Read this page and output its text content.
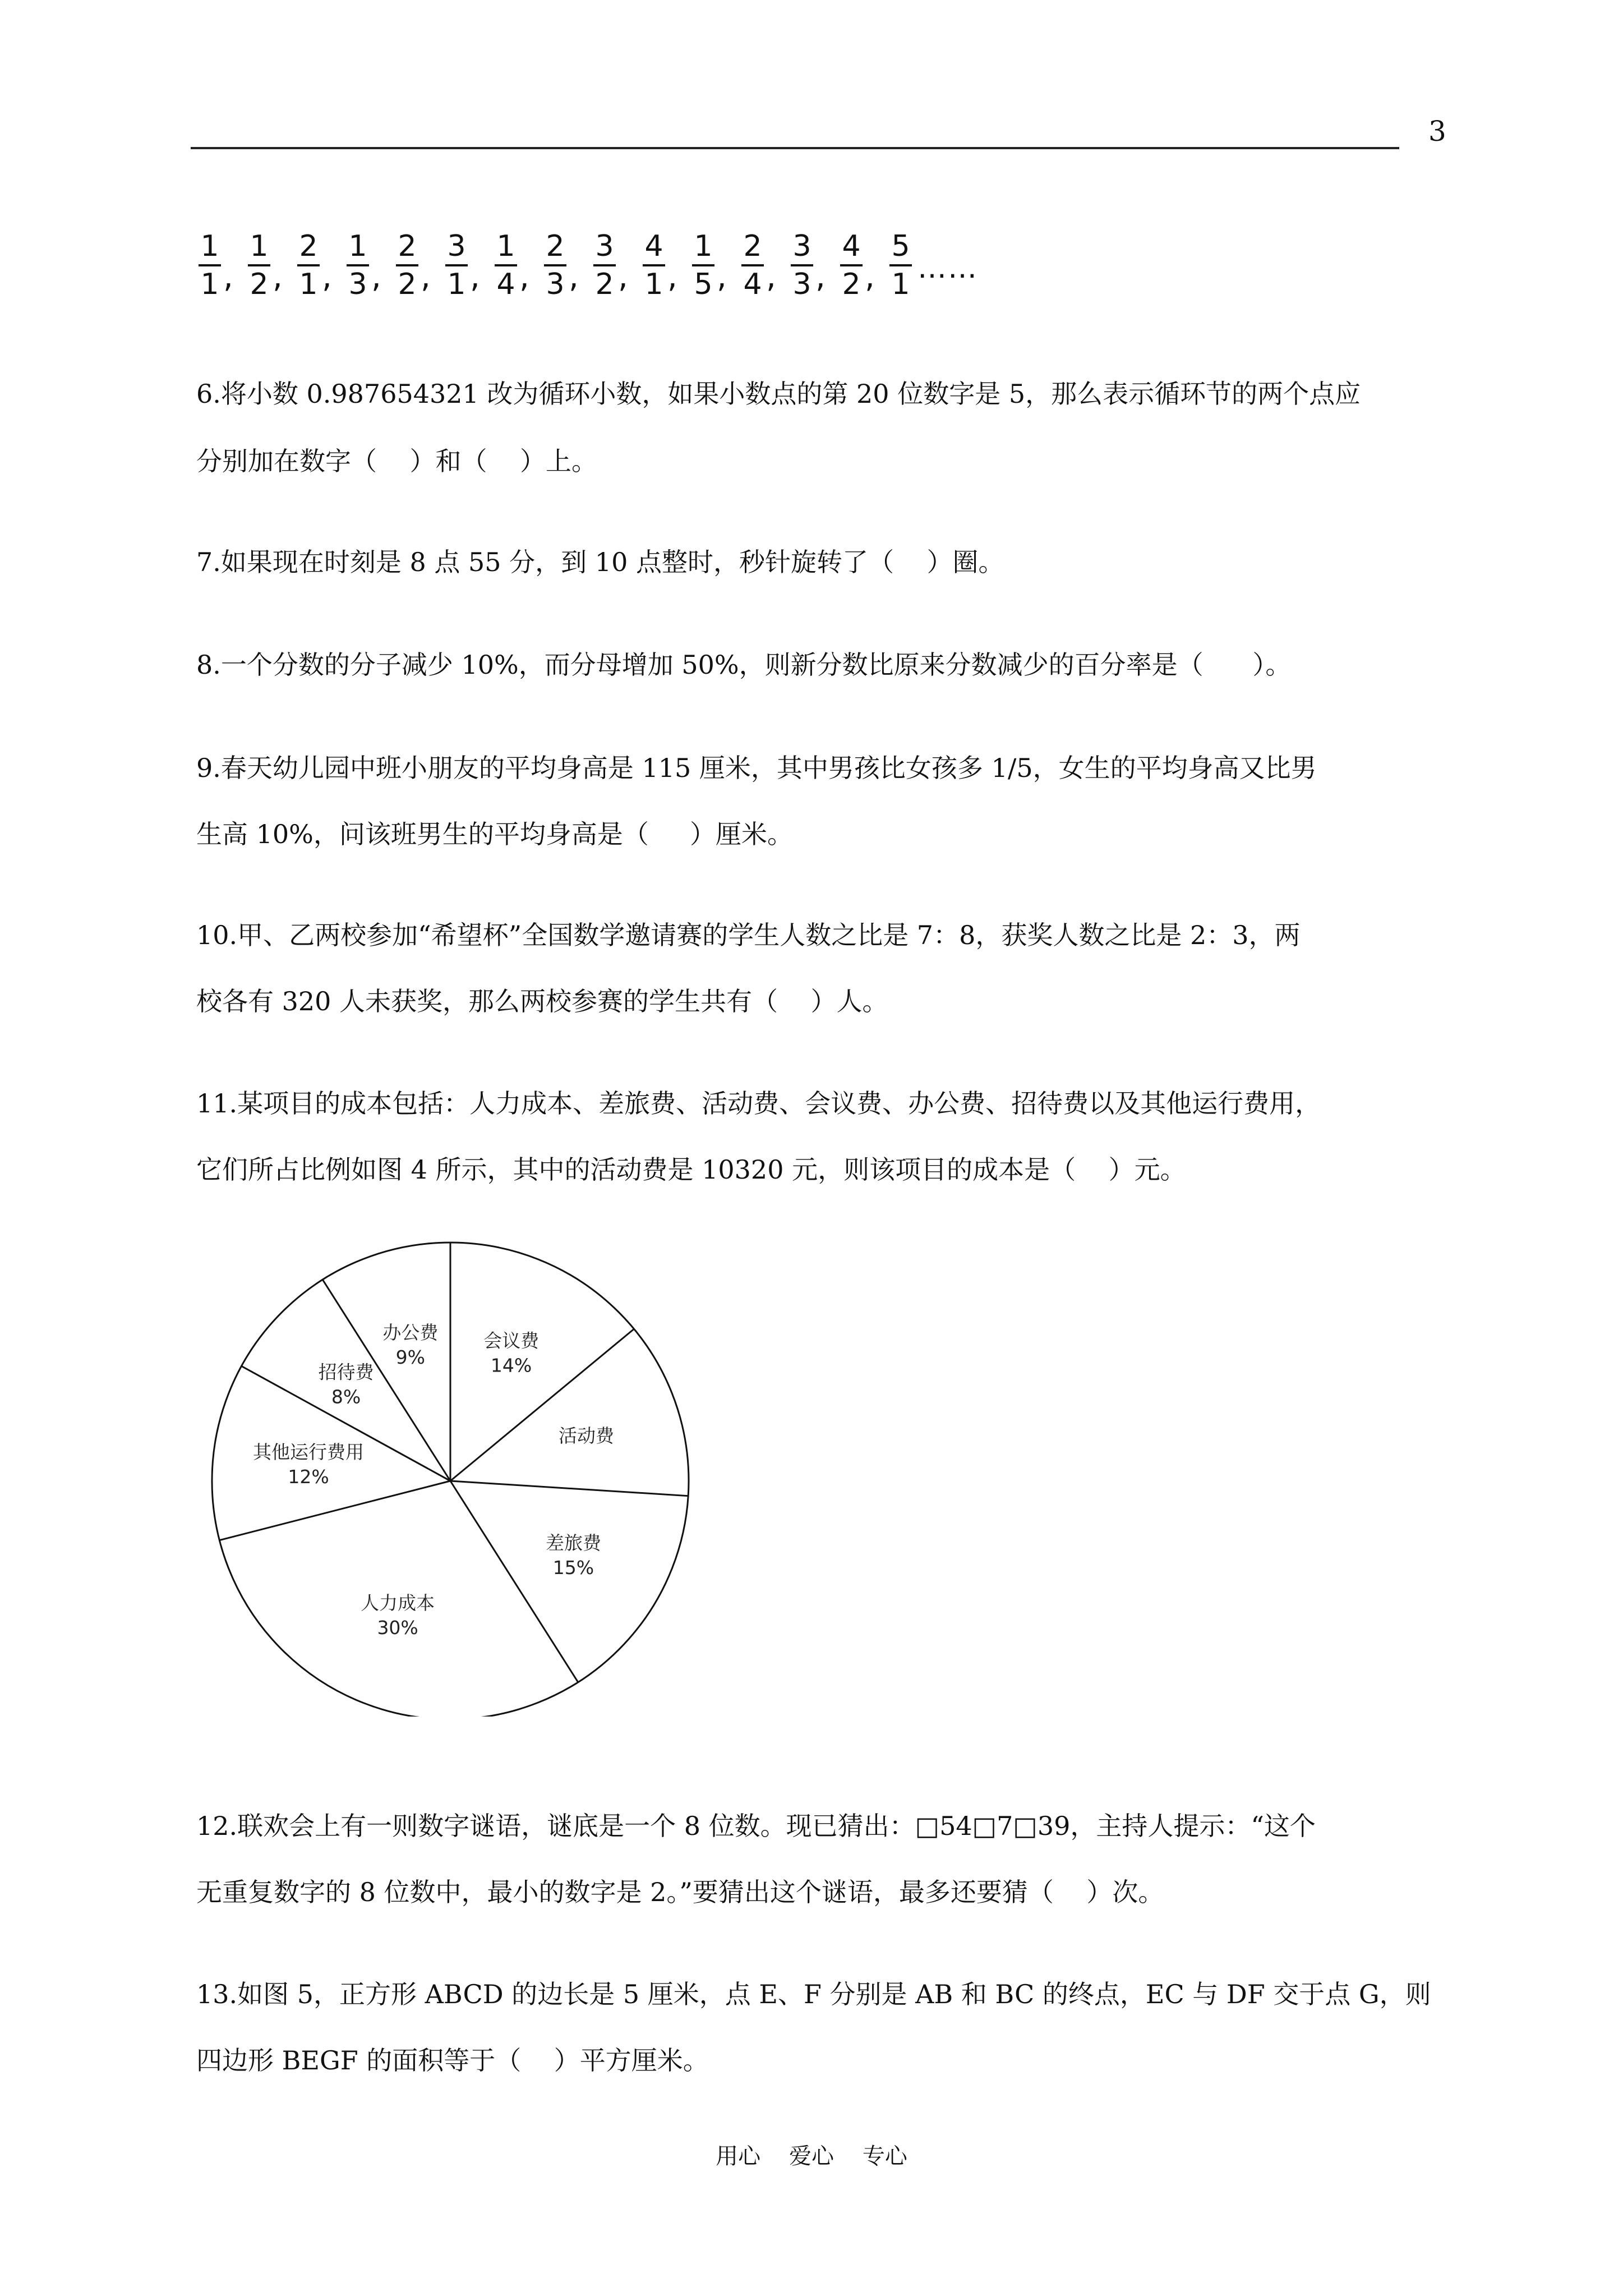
3
$\frac{1}{1}$ , $\frac{1}{2}$ , $\frac{2}{1}$ , $\frac{1}{3}$ , $\frac{2}{2}$ , $\frac{3}{1}$ , $\frac{1}{4}$ , $\frac{2}{3}$ , $\frac{3}{2}$ , $\frac{4}{1}$ , $\frac{1}{5}$ , $\frac{2}{4}$ , $\frac{3}{3}$ , $\frac{4}{2}$ , $\frac{5}{1}$ ……
6.将小数 0.987654321 改为循环小数，如果小数点的第 20 位数字是 5，那么表示循环节的两个点应
分别加在数字（    ）和（    ）上。
7.如果现在时刻是 8 点 55 分，到 10 点整时，秒针旋转了（    ）圈。
8.一个分数的分子减少 10%，而分母增加 50%，则新分数比原来分数减少的百分率是（      ）。
9.春天幼儿园中班小朋友的平均身高是 115 厘米，其中男孩比女孩多 1/5，女生的平均身高又比男
生高 10%，问该班男生的平均身高是（     ）厘米。
10.甲、乙两校参加“希望杯”全国数学邀请赛的学生人数之比是 7：8，获奖人数之比是 2：3，两
校各有 320 人未获奖，那么两校参赛的学生共有（    ）人。
11.某项目的成本包括：人力成本、差旅费、活动费、会议费、办公费、招待费以及其他运行费用，
它们所占比例如图 4 所示，其中的活动费是 10320 元，则该项目的成本是（    ）元。
会议费
14%
活动费
差旅费
15%
人力成本
30%
其他运行费用
12%
招待费
8%
办公费
9%
12.联欢会上有一则数字谜语，谜底是一个 8 位数。现已猜出：□54□7□39，主持人提示：“这个
无重复数字的 8 位数中，最小的数字是 2。”要猜出这个谜语，最多还要猜（    ）次。
13.如图 5，正方形 ABCD 的边长是 5 厘米，点 E、F 分别是 AB 和 BC 的终点，EC 与 DF 交于点 G，则
四边形 BEGF 的面积等于（    ）平方厘米。
用心    爱心    专心
